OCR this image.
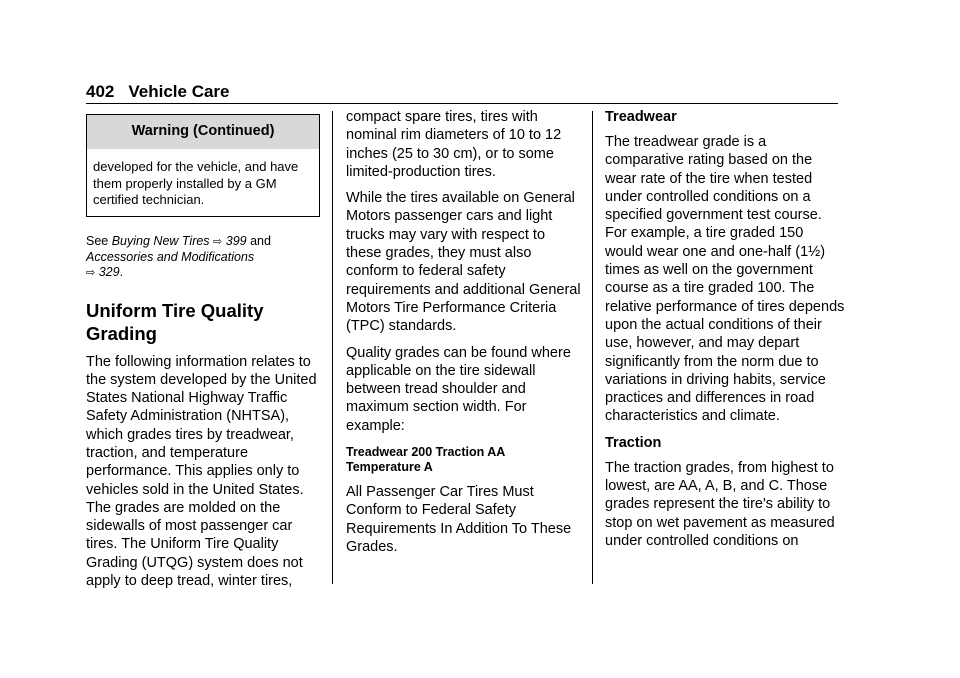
402 Vehicle Care
Warning (Continued)
developed for the vehicle, and have them properly installed by a GM certified technician.
See Buying New Tires ⇨ 399 and
Accessories and Modifications
⇨ 329.
Uniform Tire Quality Grading

The following information relates to the system developed by the United States National Highway Traffic Safety Administration (NHTSA), which grades tires by treadwear, traction, and temperature performance. This applies only to vehicles sold in the United States. The grades are molded on the sidewalls of most passenger car tires. The Uniform Tire Quality Grading (UTQG) system does not apply to deep tread, winter tires,

compact spare tires, tires with nominal rim diameters of 10 to 12 inches (25 to 30 cm), or to some limited-production tires.

While the tires available on General Motors passenger cars and light trucks may vary with respect to these grades, they must also conform to federal safety requirements and additional General Motors Tire Performance Criteria (TPC) standards.

Quality grades can be found where applicable on the tire sidewall between tread shoulder and maximum section width. For example:

Treadwear 200 Traction AA Temperature A

All Passenger Car Tires Must Conform to Federal Safety Requirements In Addition To These Grades.

Treadwear

The treadwear grade is a comparative rating based on the wear rate of the tire when tested under controlled conditions on a specified government test course. For example, a tire graded 150 would wear one and one-half (1½) times as well on the government course as a tire graded 100. The relative performance of tires depends upon the actual conditions of their use, however, and may depart significantly from the norm due to variations in driving habits, service practices and differences in road characteristics and climate.

Traction

The traction grades, from highest to lowest, are AA, A, B, and C. Those grades represent the tire's ability to stop on wet pavement as measured under controlled conditions on
